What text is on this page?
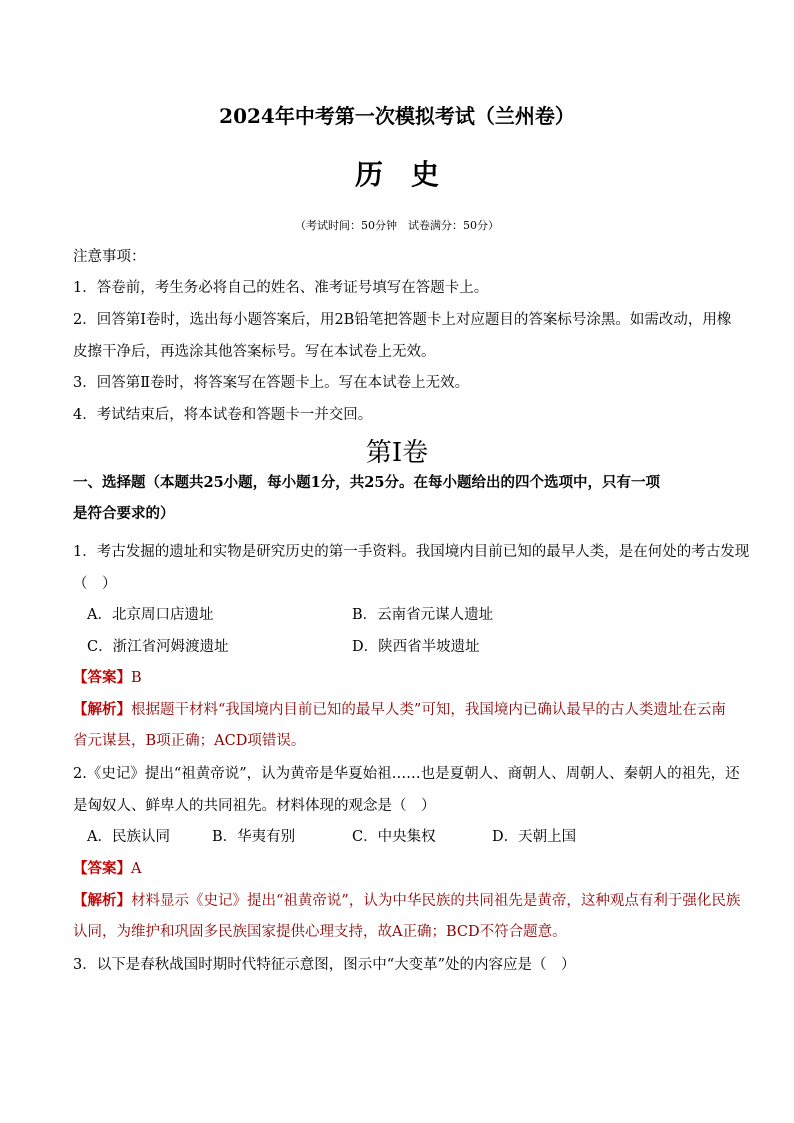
2024年中考第一次模拟考试（兰州卷）
历史
（考试时间：50分钟　试卷满分：50分）
注意事项：
1．答卷前，考生务必将自己的姓名、准考证号填写在答题卡上。
2．回答第Ⅰ卷时，选出每小题答案后，用2B铅笔把答题卡上对应题目的答案标号涂黑。如需改动，用橡
皮擦干净后，再选涂其他答案标号。写在本试卷上无效。
3．回答第Ⅱ卷时，将答案写在答题卡上。写在本试卷上无效。
4．考试结束后，将本试卷和答题卡一并交回。
第Ⅰ卷
一、选择题（本题共25小题，每小题1分，共25分。在每小题给出的四个选项中，只有一项
是符合要求的）
1．考古发掘的遗址和实物是研究历史的第一手资料。我国境内目前已知的最早人类，是在何处的考古发现
（　）
A．北京周口店遗址	B．云南省元谋人遗址
C．浙江省河姆渡遗址	D．陕西省半坡遗址
【答案】B
【解析】根据题干材料“我国境内目前已知的最早人类”可知，我国境内已确认最早的古人类遗址在云南
省元谋县，B项正确；ACD项错误。
2.《史记》提出“祖黄帝说”，认为黄帝是华夏始祖……也是夏朝人、商朝人、周朝人、秦朝人的祖先，还
是匈奴人、鲜卑人的共同祖先。材料体现的观念是（　）
A．民族认同	B．华夷有别	C．中央集权	D．天朝上国
【答案】A
【解析】材料显示《史记》提出“祖黄帝说”，认为中华民族的共同祖先是黄帝，这种观点有利于强化民族
认同，为维护和巩固多民族国家提供心理支持，故A正确；BCD不符合题意。
3．以下是春秋战国时期时代特征示意图，图示中“大变革”处的内容应是（　）
